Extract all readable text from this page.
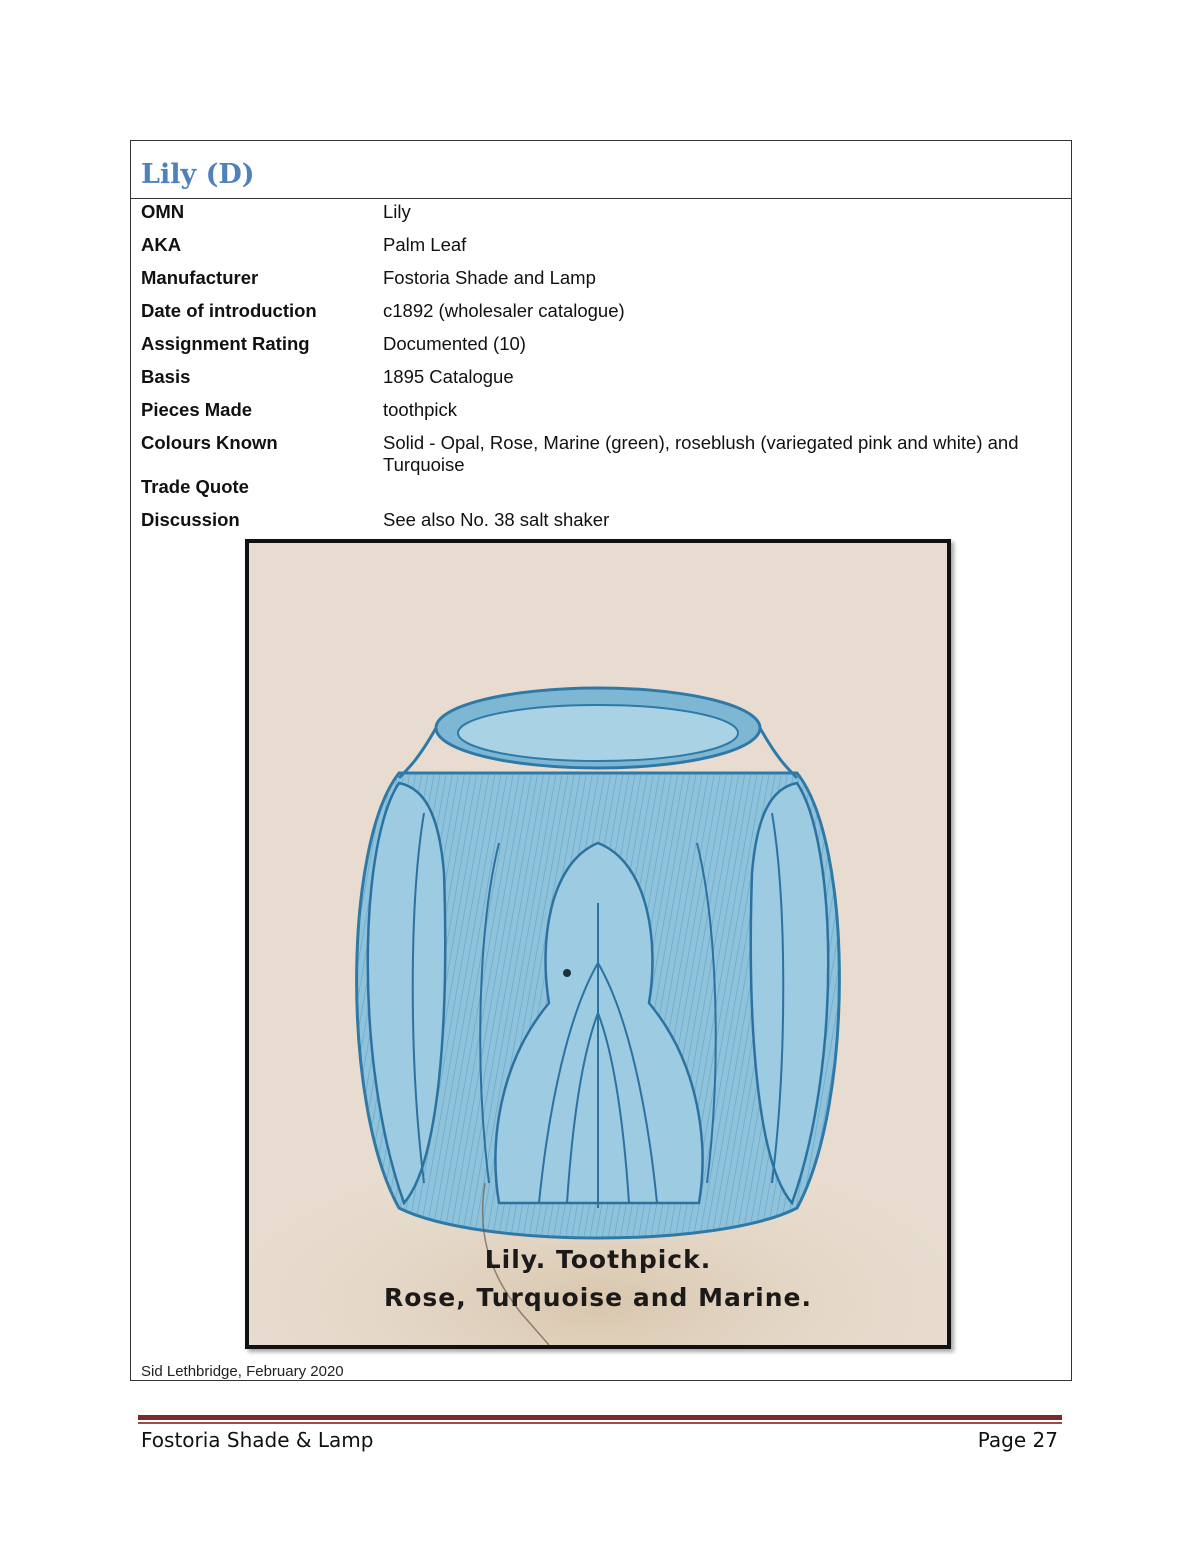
Lily (D)
OMN	Lily
AKA	Palm Leaf
Manufacturer	Fostoria Shade and Lamp
Date of introduction	c1892 (wholesaler catalogue)
Assignment Rating	Documented (10)
Basis	1895 Catalogue
Pieces Made	toothpick
Colours Known	Solid - Opal, Rose, Marine (green), roseblush (variegated pink and white) and Turquoise
Trade Quote
Discussion	See also No. 38 salt shaker
Lily. Toothpick.
Rose, Turquoise and Marine.
Sid Lethbridge, February 2020
Fostoria Shade & Lamp	Page 27
